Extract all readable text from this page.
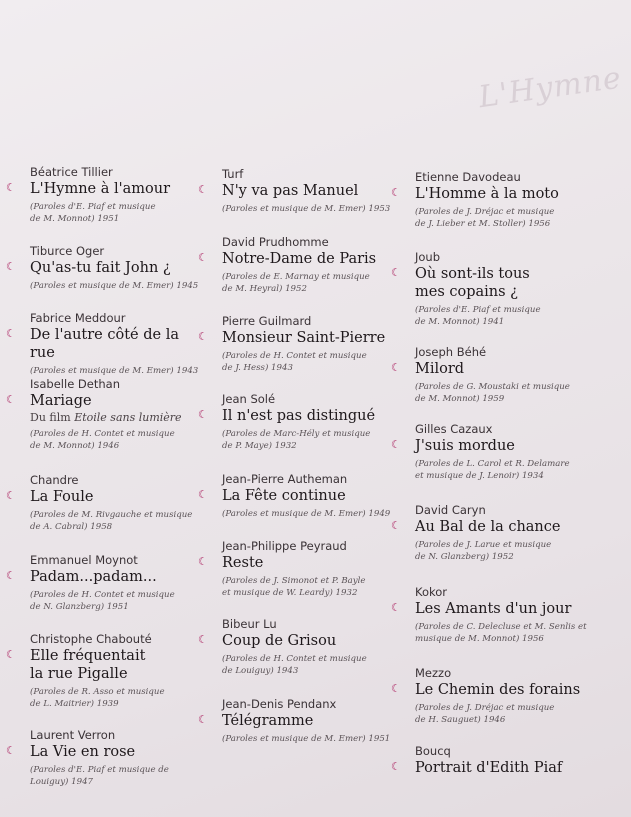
L'Hymne
Béatrice Tillier
☾ L'Hymne à l'amour
(Paroles d'E. Piaf et musique
de M. Monnot) 1951
Tiburce Oger
☾ Qu'as-tu fait John ¿
(Paroles et musique de M. Emer) 1945
Fabrice Meddour
☾ De l'autre côté de la rue
(Paroles et musique de M. Emer) 1943
Isabelle Dethan
☾ Mariage
Du film Etoile sans lumière
(Paroles de H. Contet et musique
de M. Monnot) 1946
Chandre
☾ La Foule
(Paroles de M. Rivgauche et musique
de A. Cabral) 1958
Emmanuel Moynot
☾ Padam...padam...
(Paroles de H. Contet et musique
de N. Glanzberg) 1951
Christophe Chabouté
☾ Elle fréquentait
la rue Pigalle
(Paroles de R. Asso et musique
de L. Maitrier) 1939
Laurent Verron
☾ La Vie en rose
(Paroles d'E. Piaf et musique de Louiguy) 1947
Turf
☾ N'y va pas Manuel
(Paroles et musique de M. Emer) 1953
David Prudhomme
☾ Notre-Dame de Paris
(Paroles de E. Marnay et musique
de M. Heyral) 1952
Pierre Guilmard
☾ Monsieur Saint-Pierre
(Paroles de H. Contet et musique
de J. Hess) 1943
Jean Solé
☾ Il n'est pas distingué
(Paroles de Marc-Hély et musique
de P. Maye) 1932
Jean-Pierre Autheman
☾ La Fête continue
(Paroles et musique de M. Emer) 1949
Jean-Philippe Peyraud
☾ Reste
(Paroles de J. Simonot et P. Bayle
et musique de W. Leardy) 1932
Bibeur Lu
☾ Coup de Grisou
(Paroles de H. Contet et musique
de Louiguy) 1943
Jean-Denis Pendanx
☾ Télégramme
(Paroles et musique de M. Emer) 1951
Etienne Davodeau
☾ L'Homme à la moto
(Paroles de J. Dréjac et musique
de J. Lieber et M. Stoller) 1956
Joub
☾ Où sont-ils tous
mes copains ¿
(Paroles d'E. Piaf et musique
de M. Monnot) 1941
Joseph Béhé
☾ Milord
(Paroles de G. Moustaki et musique
de M. Monnot) 1959
Gilles Cazaux
☾ J'suis mordue
(Paroles de L. Carol et R. Delamare
et musique de J. Lenoir) 1934
David Caryn
☾ Au Bal de la chance
(Paroles de J. Larue et musique
de N. Glanzberg) 1952
Kokor
☾ Les Amants d'un jour
(Paroles de C. Delecluse et M. Senlis et
musique de M. Monnot) 1956
Mezzo
☾ Le Chemin des forains
(Paroles de J. Dréjac et musique
de H. Sauguet) 1946
Boucq
☾ Portrait d'Edith Piaf
